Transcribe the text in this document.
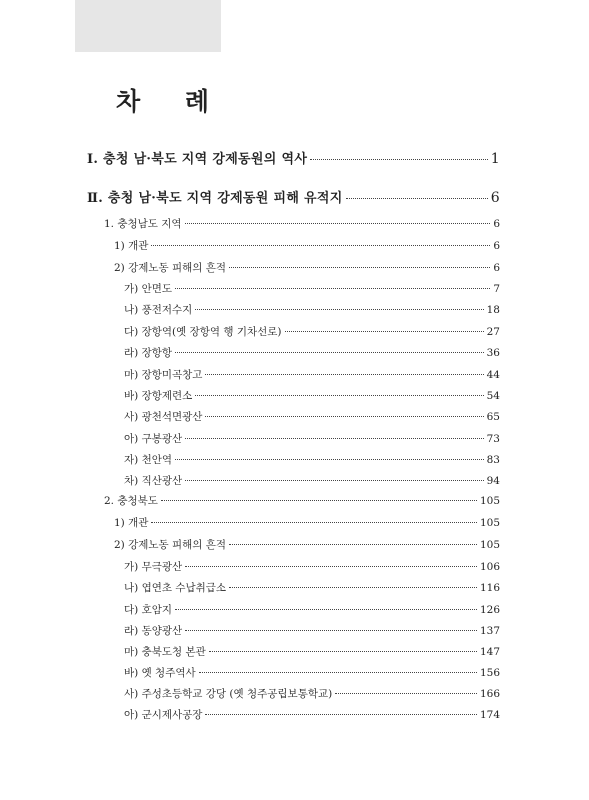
차 례
Ⅰ. 충청 남·북도 지역 강제동원의 역사	1
Ⅱ. 충청 남·북도 지역 강제동원 피해 유적지	6
1. 충청남도 지역	6
1) 개관	6
2) 강제노동 피해의 흔적	6
가) 안면도	7
나) 풍전저수지	18
다) 장항역(옛 장항역 행 기차선로)	27
라) 장항항	36
마) 장항미곡창고	44
바) 장항제련소	54
사) 광천석면광산	65
아) 구봉광산	73
자) 천안역	83
차) 직산광산	94
2. 충청북도	105
1) 개관	105
2) 강제노동 피해의 흔적	105
가) 무극광산	106
나) 엽연초 수납취급소	116
다) 호암지	126
라) 동양광산	137
마) 충북도청 본관	147
바) 옛 청주역사	156
사) 주성초등학교 강당 (옛 청주공립보통학교)	166
아) 군시제사공장	174
